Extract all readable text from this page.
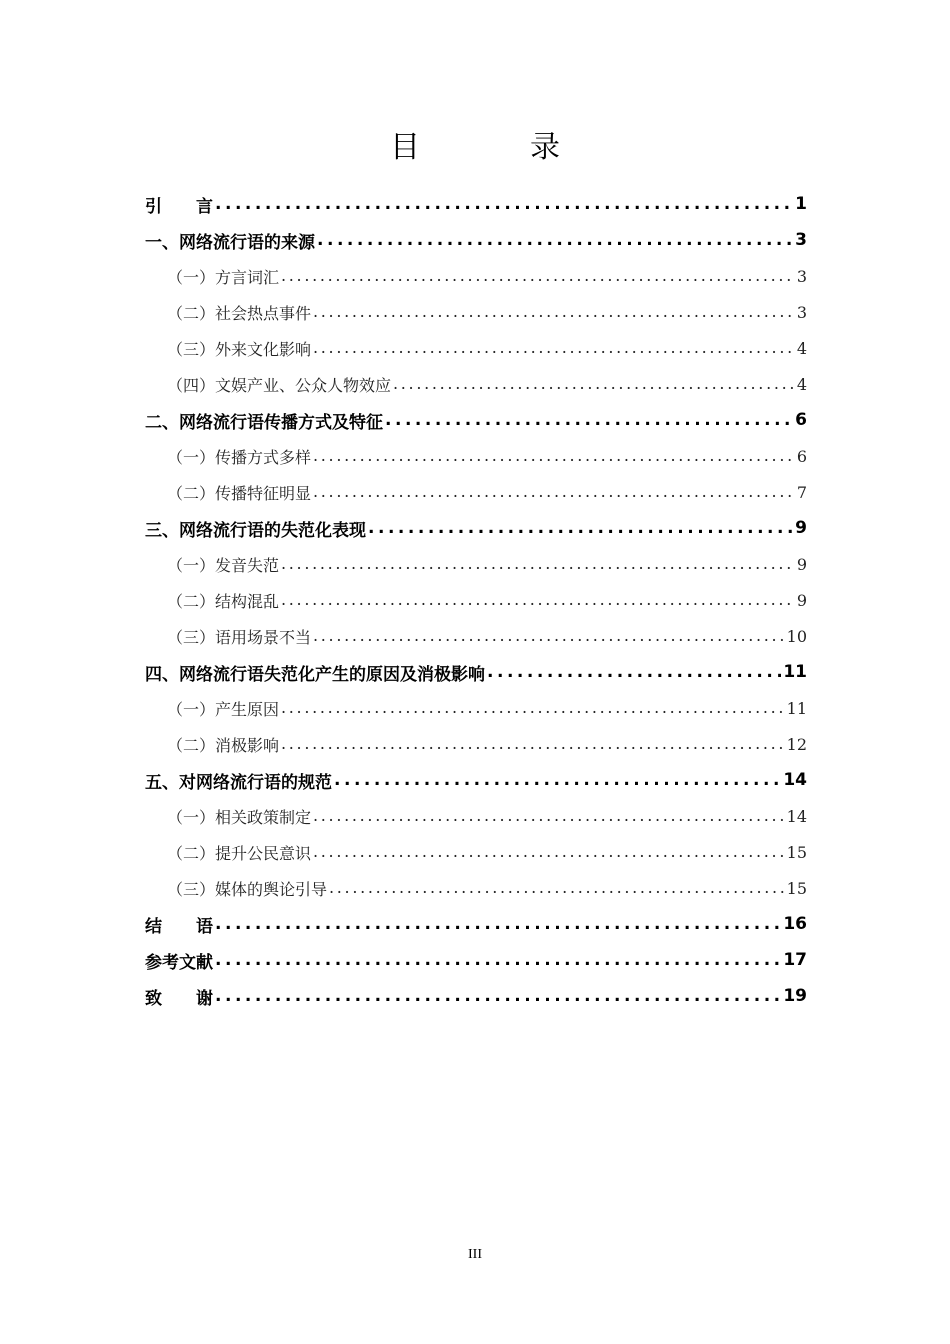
目　录
引言 . . .	1
一、网络流行语的来源 . . .	3
（一）方言词汇 . . .	3
（二）社会热点事件 . . .	3
（三）外来文化影响 . . .	4
（四）文娱产业、公众人物效应 . . .	4
二、网络流行语传播方式及特征 . . .	6
（一）传播方式多样 . . .	6
（二）传播特征明显 . . .	7
三、网络流行语的失范化表现 . . .	9
（一）发音失范 . . .	9
（二）结构混乱 . . .	9
（三）语用场景不当 . . .	10
四、网络流行语失范化产生的原因及消极影响 . . .	11
（一）产生原因 . . .	11
（二）消极影响 . . .	12
五、对网络流行语的规范 . . .	14
（一）相关政策制定 . . .	14
（二）提升公民意识 . . .	15
（三）媒体的舆论引导 . . .	15
结语 . . .	16
参考文献 . . .	17
致谢 . . .	19
III
